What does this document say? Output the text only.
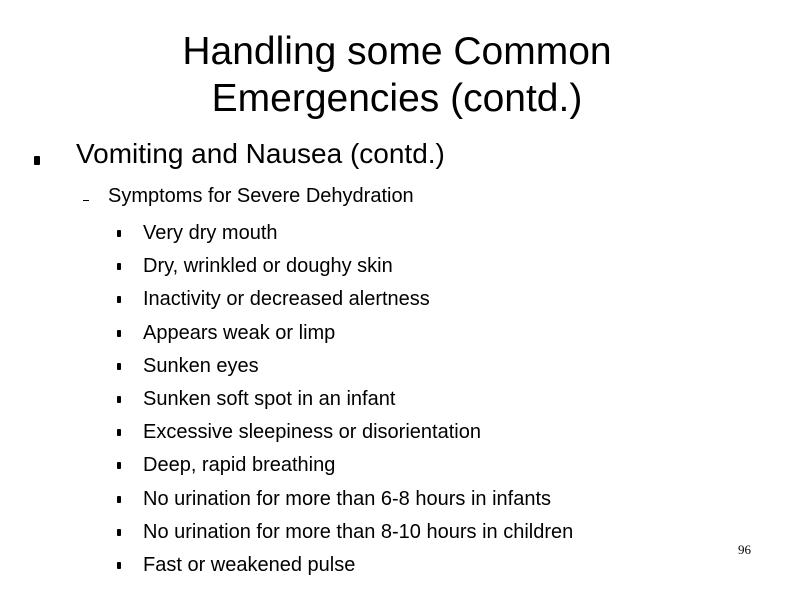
Handling some Common Emergencies (contd.)
Vomiting and Nausea (contd.)
Symptoms for Severe Dehydration
Very dry mouth
Dry, wrinkled or doughy skin
Inactivity or decreased alertness
Appears weak or limp
Sunken eyes
Sunken soft spot in an infant
Excessive sleepiness or disorientation
Deep, rapid breathing
No urination for more than 6-8 hours in infants
No urination for more than 8-10 hours in children
Fast or weakened pulse
96
